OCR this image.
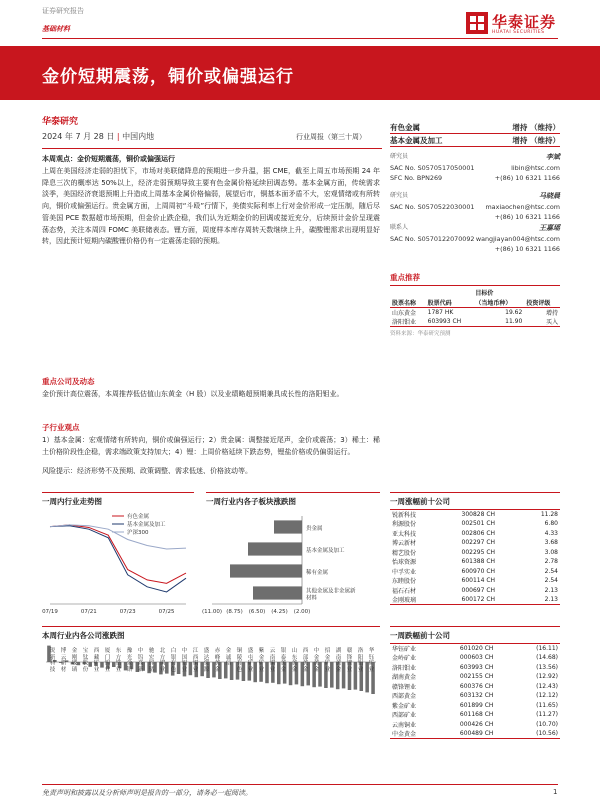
证券研究报告
基础材料	华泰证券
HUATAI SECURITIES
金价短期震荡，铜价或偏强运行
华泰研究
2024 年 7 月 28 日 | 中国内地	行业周报（第三十周）
本周观点：金价短期震荡，铜价或偏强运行
上周在美国经济走弱的担忧下，市场对美联储降息的预期进一步升温，据 CME，截至上周五市场预期 24 年降息三次的概率达 50%以上，经济走弱预期导致主要有色金属价格延续回调态势。基本金属方面，传统需求淡季，美国经济衰退预期上升造成上周基本金属价格偏弱，展望后市，铜基本面矛盾不大，宏观情绪或有所转向，铜价或偏强运行。贵金属方面，上周周初“斗殴”行情下，美债实际利率上行对金价形成一定压制，随后尽管美国 PCE 数据超市场预期，但金价止跌企稳，我们认为近期金价的回调或接近充分，后续预计金价呈现震荡态势，关注本周四 FOMC 美联储表态。锂方面，周度样本库存周转天数继续上升，碳酸锂需求出现明显好转，因此预计短期内碳酸锂价格仍有一定震荡走弱的预期。
重点公司及动态
金价预计高位震荡，本周推荐低估值山东黄金（H 股）以及业绩略超预期兼具成长性的洛阳钼业。
子行业观点
1）基本金属：宏观情绪有所转向，铜价或偏强运行；2）贵金属：调整接近尾声，金价或震荡；3）稀土：稀土价格阶段性企稳，需求端政策支持加大；4）锂：上周价格延续下跌态势，锂盐价格或仍偏弱运行。
风险提示：经济形势不及预期、政策调整、需求低迷、价格波动等。
有色金属	增持 （维持）
基本金属及加工	增持 （维持）
研究员	李斌
SAC No. S0570517050001	libin@htsc.com
SFC No. BPN269	+(86) 10 6321 1166
研究员	马晓晨
SAC No. S0570522030001 maxiaochen@htsc.com
+(86) 10 6321 1166
联系人	王嘉瑶
SAC No. S0570122070092 wangjiayan004@htsc.com
+(86) 10 6321 1166
重点推荐
		目标价	
股票名称	股票代码	（当地币种）	投资评级
山东黄金	1787 HK	19.62	增持
洛阳钼业	603993 CH	11.90	买入
资料来源：华泰研究预测
一周内行业走势图
有色金属
基本金属及加工
沪深300
07/19	07/21	07/23	07/25
一周行业内各子板块涨跌图
贵金属
基本金属及加工
稀有金属
其他金属及非金属新
材料
(11.00) (8.75) (6.50) (4.25) (2.00)
本周行业内各公司涨跌图
锐新科技
博云新材
金刚玻璃
宝钛股份
西藏矿业
厦门钨业
东方锆业
豫光金铅
中钨高新
驰宏锌锗
北方铜业
白银有色
中国铝业
江西铜业
盛达资源
赤峰黄金
金诚信
铜陵有色
盛屯矿业
紫金矿业
云南铜业
银泰黄金
山东黄金
西部黄金
中金黄金
招金矿业
湖南黄金
赣锋锂业
洛阳钼业
华钰矿业
一周涨幅前十公司
锐新科技	300828 CH	11.28
利源股份	002501 CH	6.80
亚太科技	002806 CH	4.33
博云新材	002297 CH	3.68
精艺股份	002295 CH	3.08
怡球资源	601388 CH	2.78
中孚实业	600970 CH	2.54
东睦股份	600114 CH	2.54
福石石材	000697 CH	2.13
金刚玻璃	600172 CH	2.13
一周跌幅前十公司
华钰矿业	601020 CH	(16.11)
金岭矿业	000603 CH	(14.68)
洛阳钼业	603993 CH	(13.56)
湖南黄金	002155 CH	(12.92)
赣锋锂业	600376 CH	(12.43)
西部黄金	603132 CH	(12.12)
紫金矿业	601899 CH	(11.65)
西部矿业	601168 CH	(11.27)
云南铜业	000426 CH	(10.70)
中金黄金	600489 CH	(10.56)
免责声明和披露以及分析师声明是报告的一部分，请务必一起阅读。	1
